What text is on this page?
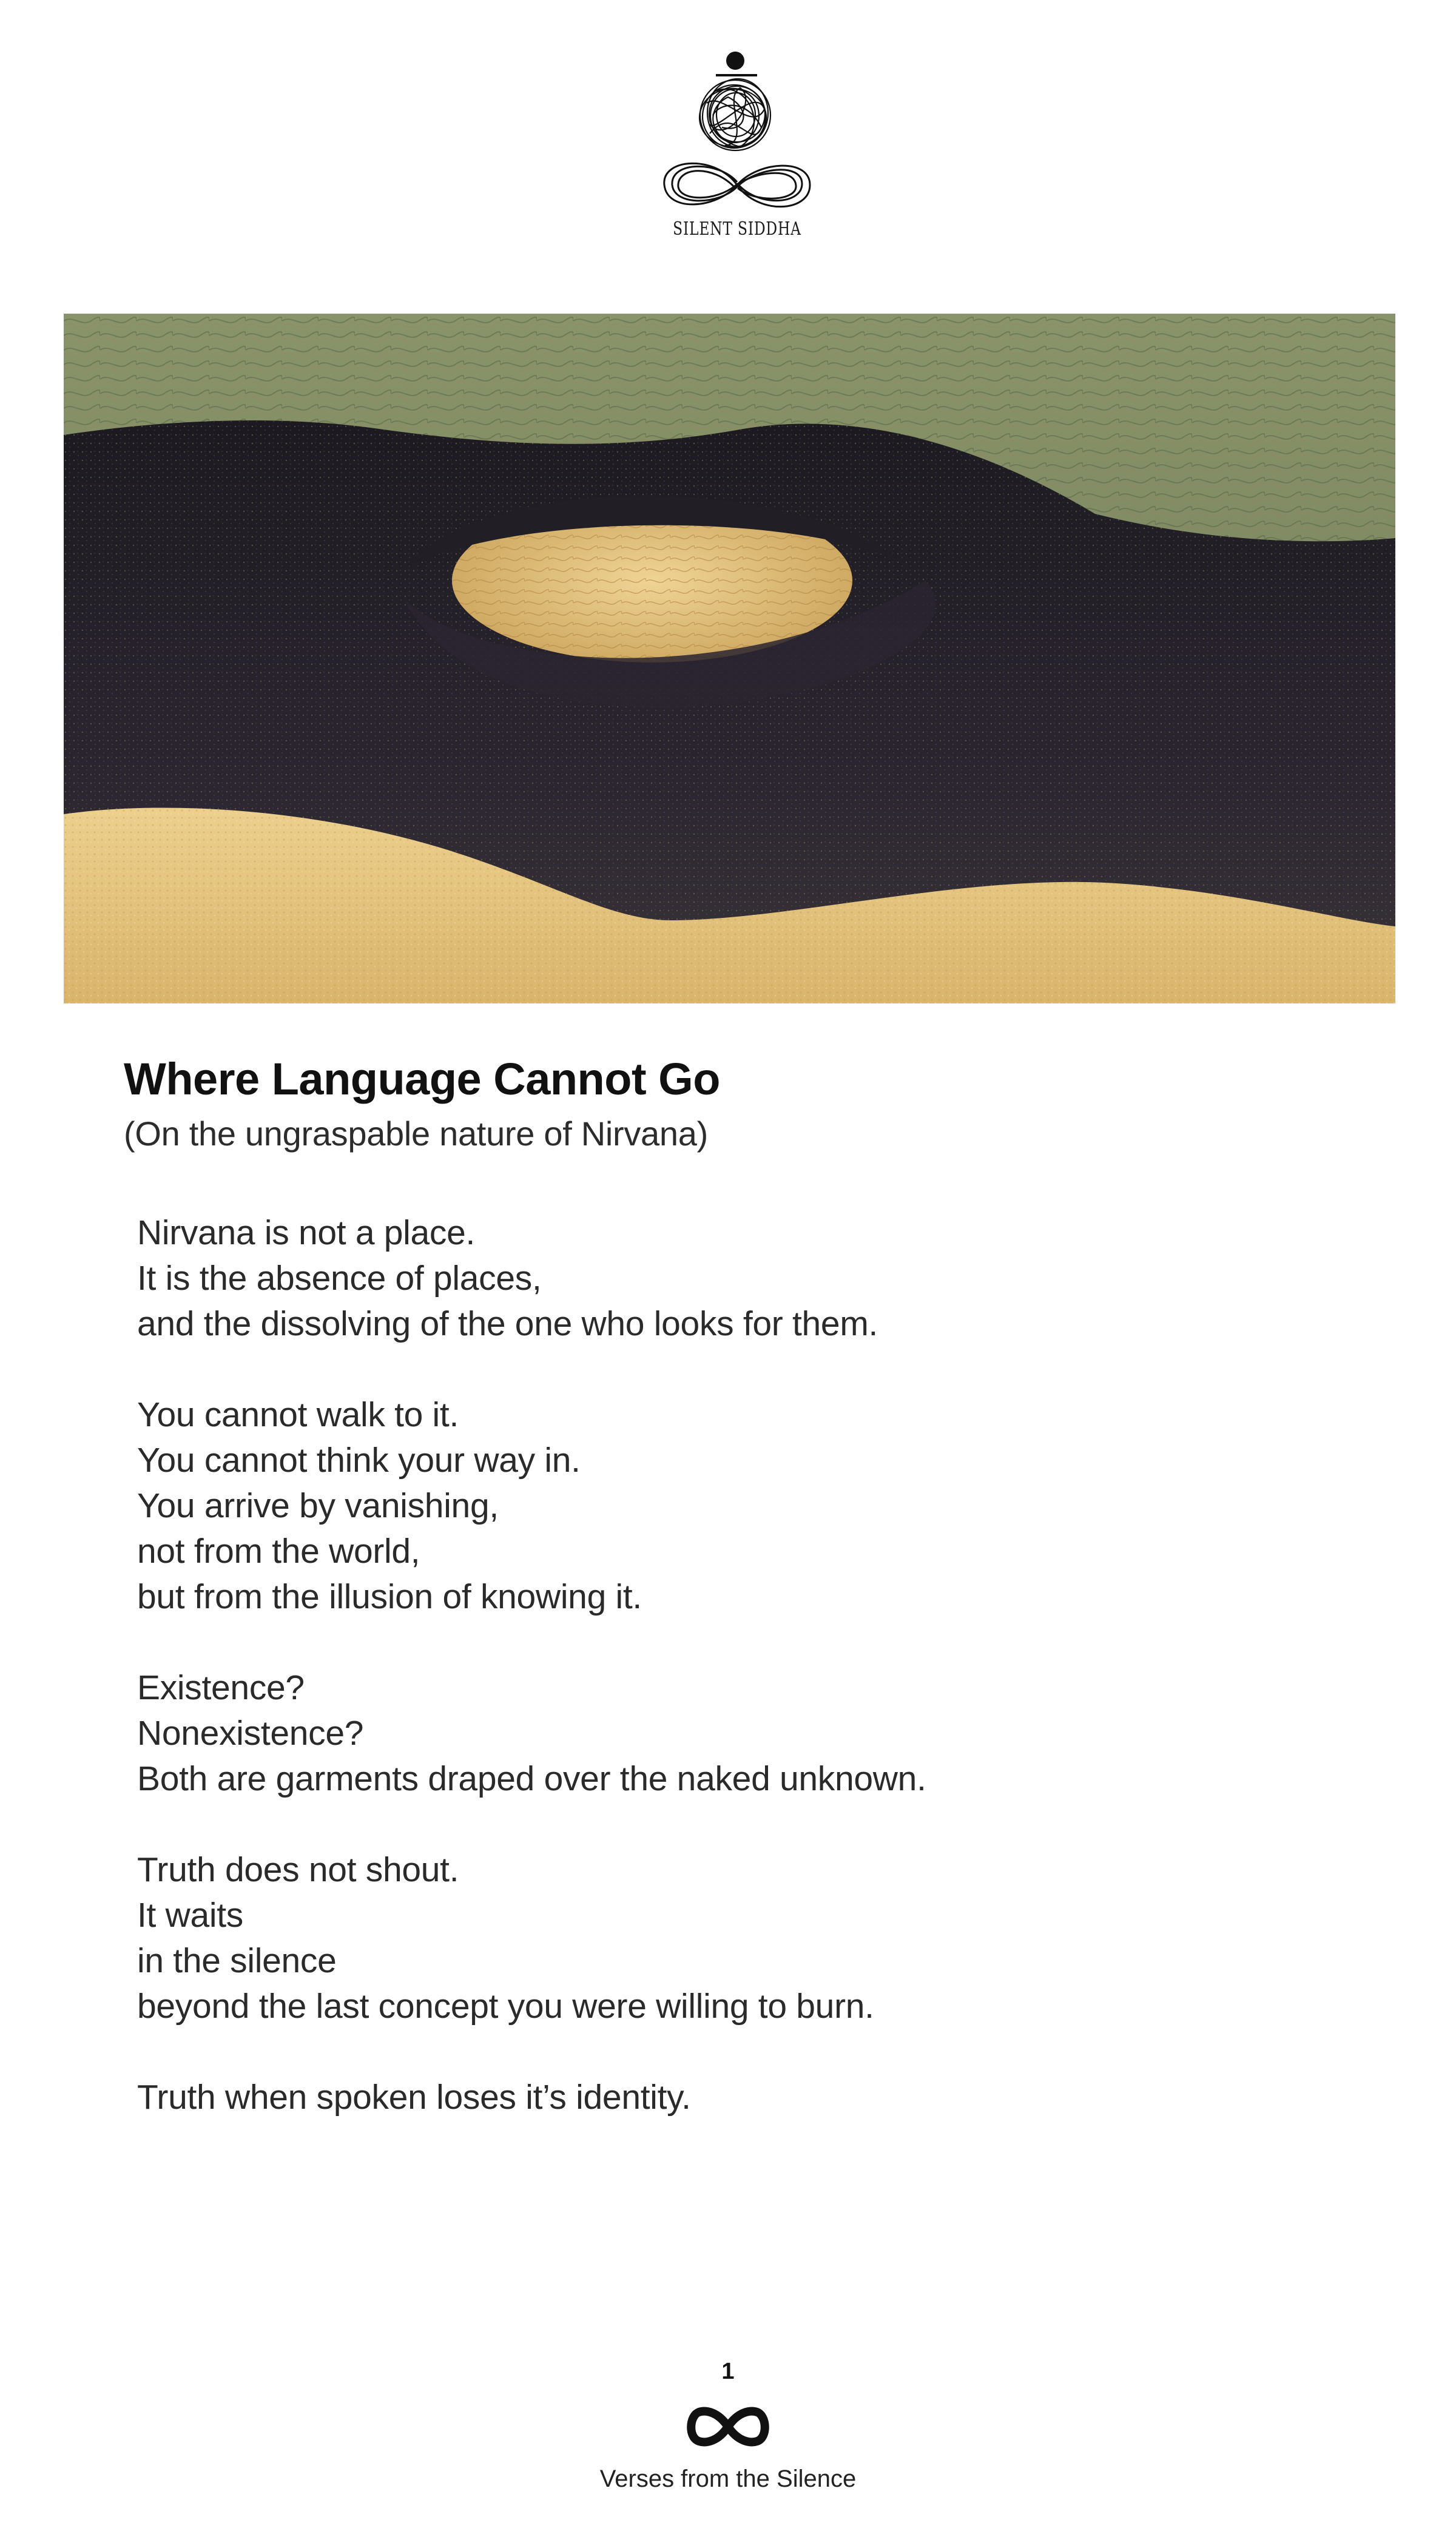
SILENT SIDDHA
Where Language Cannot Go
(On the ungraspable nature of Nirvana)
Nirvana is not a place.
It is the absence of places,
and the dissolving of the one who looks for them.
You cannot walk to it.
You cannot think your way in.
You arrive by vanishing,
not from the world,
but from the illusion of knowing it.
Existence?
Nonexistence?
Both are garments draped over the naked unknown.
Truth does not shout.
It waits
in the silence
beyond the last concept you were willing to burn.
Truth when spoken loses it’s identity.
1
Verses from the Silence
